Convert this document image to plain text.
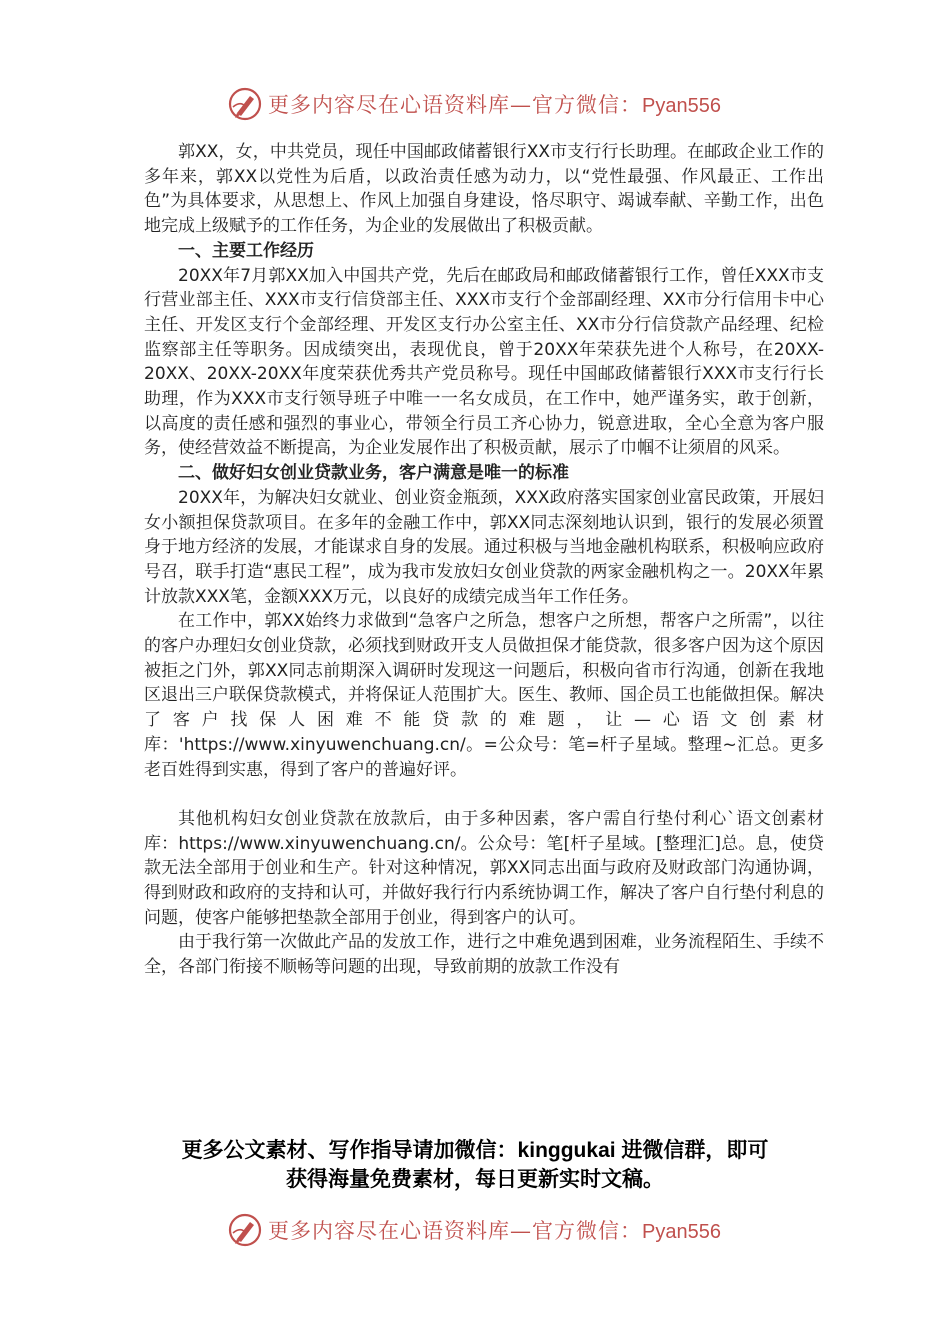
更多内容尽在心语资料库—官方微信：Pyan556

郭XX，女，中共党员，现任中国邮政储蓄银行XX市支行行长助理。在邮政企业工作的多年来，郭XX以党性为后盾，以政治责任感为动力，以“党性最强、作风最正、工作出色”为具体要求，从思想上、作风上加强自身建设，恪尽职守、竭诚奉献、辛勤工作，出色地完成上级赋予的工作任务，为企业的发展做出了积极贡献。

一、主要工作经历

20XX年7月郭XX加入中国共产党，先后在邮政局和邮政储蓄银行工作，曾任XXX市支行营业部主任、XXX市支行信贷部主任、XXX市支行个金部副经理、XX市分行信用卡中心主任、开发区支行个金部经理、开发区支行办公室主任、XX市分行信贷款产品经理、纪检监察部主任等职务。因成绩突出，表现优良，曾于20XX年荣获先进个人称号，在20XX-20XX、20XX-20XX年度荣获优秀共产党员称号。现任中国邮政储蓄银行XXX市支行行长助理，作为XXX市支行领导班子中唯一一名女成员，在工作中，她严谨务实，敢于创新，以高度的责任感和强烈的事业心，带领全行员工齐心协力，锐意进取，全心全意为客户服务，使经营效益不断提高，为企业发展作出了积极贡献，展示了巾帼不让须眉的风采。

二、做好妇女创业贷款业务，客户满意是唯一的标准

20XX年，为解决妇女就业、创业资金瓶颈，XXX政府落实国家创业富民政策，开展妇女小额担保贷款项目。在多年的金融工作中，郭XX同志深刻地认识到，银行的发展必须置身于地方经济的发展，才能谋求自身的发展。通过积极与当地金融机构联系，积极响应政府号召，联手打造“惠民工程”，成为我市发放妇女创业贷款的两家金融机构之一。20XX年累计放款XXX笔，金额XXX万元，以良好的成绩完成当年工作任务。

在工作中，郭XX始终力求做到“急客户之所急，想客户之所想，帮客户之所需”，以往的客户办理妇女创业贷款，必须找到财政开支人员做担保才能贷款，很多客户因为这个原因被拒之门外，郭XX同志前期深入调研时发现这一问题后，积极向省市行沟通，创新在我地区退出三户联保贷款模式，并将保证人范围扩大。医生、教师、国企员工也能做担保。解决了客户找保人困难不能贷款的难题，让—心语文创素材库：'https://www.xinyuwenchuang.cn/。=公众号：笔=杆子星域。整理~汇总。更多老百姓得到实惠，得到了客户的普遍好评。

其他机构妇女创业贷款在放款后，由于多种因素，客户需自行垫付利心`语文创素材库：https://www.xinyuwenchuang.cn/。公众号：笔[杆子星域。[整理汇]总。息，使贷款无法全部用于创业和生产。针对这种情况，郭XX同志出面与政府及财政部门沟通协调，得到财政和政府的支持和认可，并做好我行行内系统协调工作，解决了客户自行垫付利息的问题，使客户能够把垫款全部用于创业，得到客户的认可。

由于我行第一次做此产品的发放工作，进行之中难免遇到困难，业务流程陌生、手续不全，各部门衔接不顺畅等问题的出现，导致前期的放款工作没有

更多公文素材、写作指导请加微信：kinggukai 进微信群，即可
获得海量免费素材，每日更新实时文稿。
更多内容尽在心语资料库—官方微信：Pyan556
